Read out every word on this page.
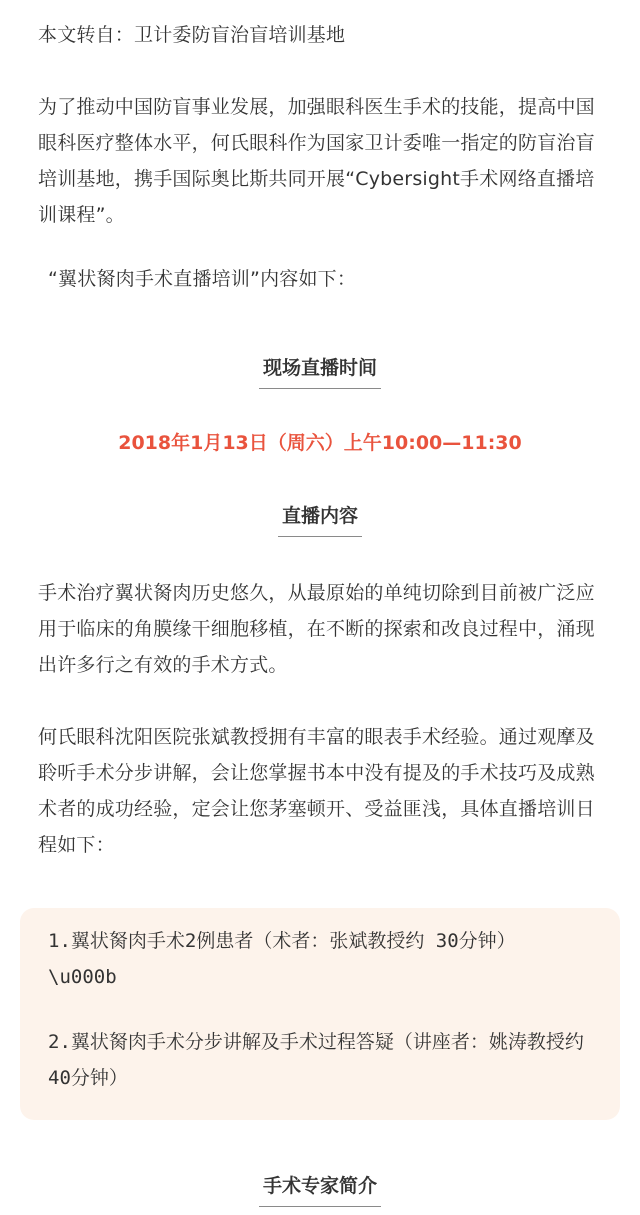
本文转自：卫计委防盲治盲培训基地

为了推动中国防盲事业发展，加强眼科医生手术的技能，提高中国眼科医疗整体水平，何氏眼科作为国家卫计委唯一指定的防盲治盲培训基地，携手国际奥比斯共同开展“Cybersight手术网络直播培训课程”。

“翼状胬肉手术直播培训”内容如下：

现场直播时间
2018年1月13日（周六）上午10:00—11:30
直播内容

手术治疗翼状胬肉历史悠久，从最原始的单纯切除到目前被广泛应用于临床的角膜缘干细胞移植，在不断的探索和改良过程中，涌现出许多行之有效的手术方式。

何氏眼科沈阳医院张斌教授拥有丰富的眼表手术经验。通过观摩及聆听手术分步讲解，会让您掌握书本中没有提及的手术技巧及成熟术者的成功经验，定会让您茅塞顿开、受益匪浅，具体直播培训日程如下：

1.翼状胬肉手术2例患者（术者：张斌教授约 30分钟）

\u000b

2.翼状胬肉手术分步讲解及手术过程答疑（讲座者：姚涛教授约40分钟）

手术专家简介
